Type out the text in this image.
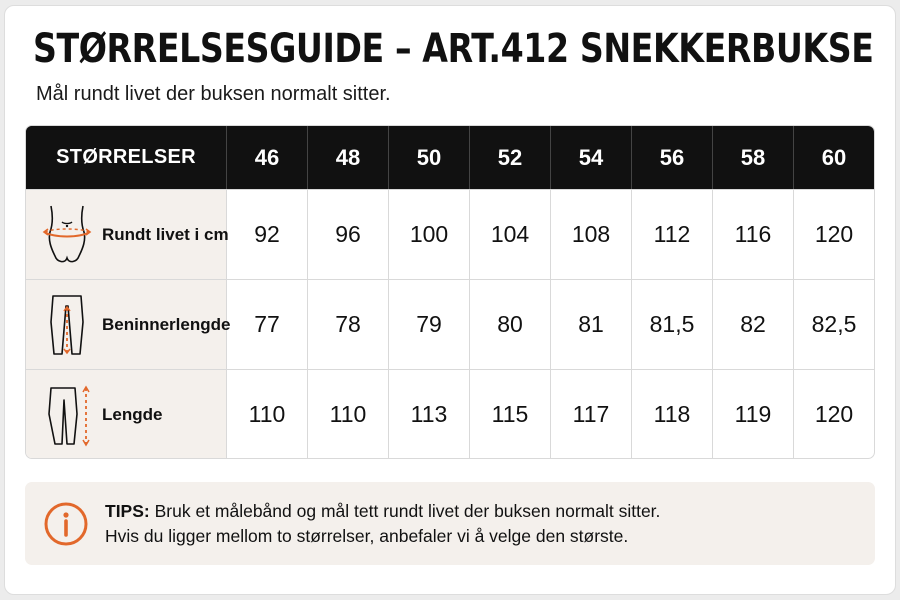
STØRRELSESGUIDE – ART.412 SNEKKERBUKSE
Mål rundt livet der buksen normalt sitter.
STØRRELSER	46	48	50	52	54	56	58	60
Rundt livet i cm	92	96	100	104	108	112	116	120
Beninnerlengde	77	78	79	80	81	81,5	82	82,5
Lengde	110	110	113	115	117	118	119	120
TIPS: Bruk et målebånd og mål tett rundt livet der buksen normalt sitter.
Hvis du ligger mellom to størrelser, anbefaler vi å velge den største.
